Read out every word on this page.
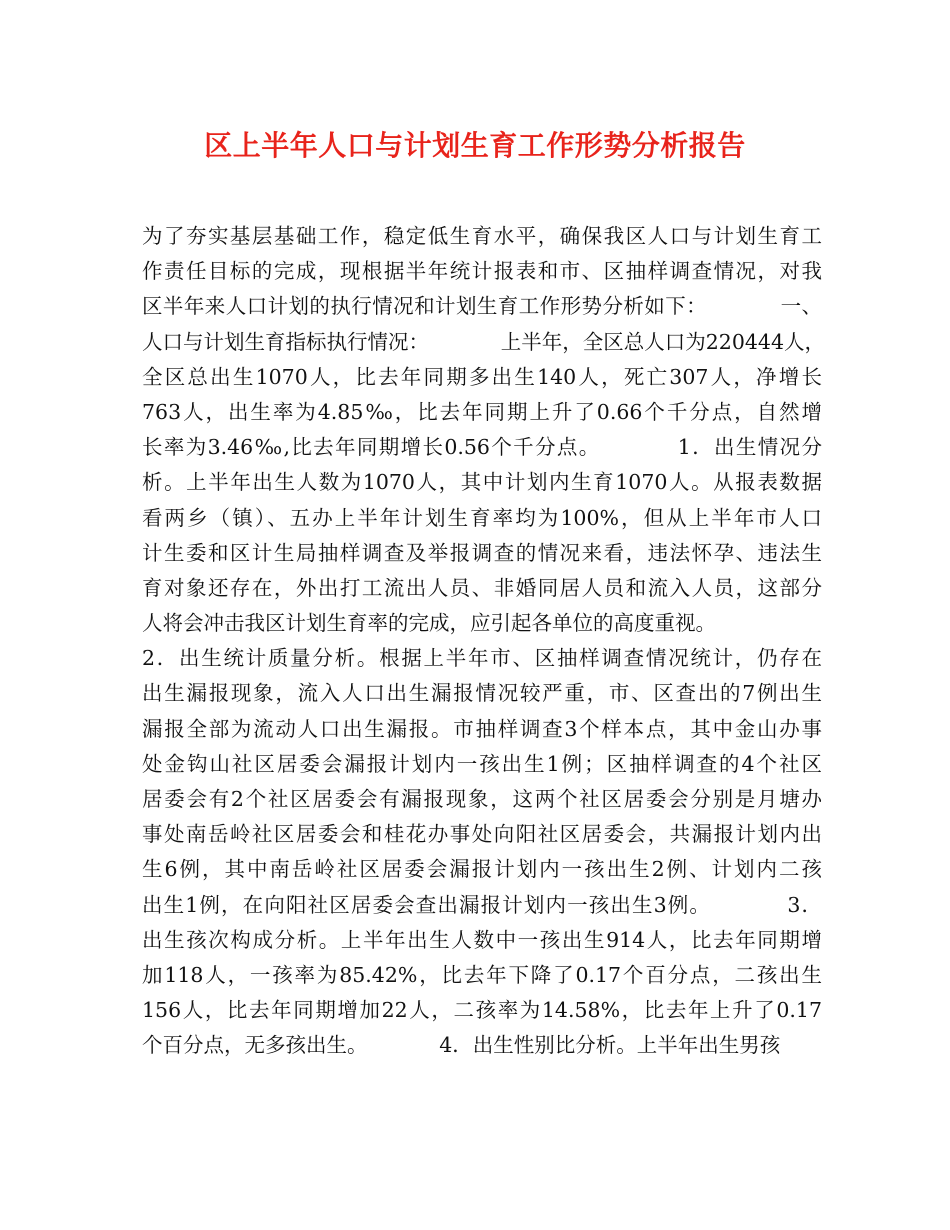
区上半年人口与计划生育工作形势分析报告
为了夯实基层基础工作，稳定低生育水平，确保我区人口与计划生育工
作责任目标的完成，现根据半年统计报表和市、区抽样调查情况，对我
区半年来人口计划的执行情况和计划生育工作形势分析如下：　　　　一、
人口与计划生育指标执行情况：　　　　上半年，全区总人口为220444人，
全区总出生1070人，比去年同期多出生140人，死亡307人，净增长
763人，出生率为4.85‰，比去年同期上升了0.66个千分点，自然增
长率为3.46‰,比去年同期增长0.56个千分点。　　　　1．出生情况分
析。上半年出生人数为1070人，其中计划内生育1070人。从报表数据
看两乡（镇）、五办上半年计划生育率均为100%，但从上半年市人口
计生委和区计生局抽样调查及举报调查的情况来看，违法怀孕、违法生
育对象还存在，外出打工流出人员、非婚同居人员和流入人员，这部分
人将会冲击我区计划生育率的完成，应引起各单位的高度重视。
2．出生统计质量分析。根据上半年市、区抽样调查情况统计，仍存在
出生漏报现象，流入人口出生漏报情况较严重，市、区查出的7例出生
漏报全部为流动人口出生漏报。市抽样调查3个样本点，其中金山办事
处金钩山社区居委会漏报计划内一孩出生1例；区抽样调查的4个社区
居委会有2个社区居委会有漏报现象，这两个社区居委会分别是月塘办
事处南岳岭社区居委会和桂花办事处向阳社区居委会，共漏报计划内出
生6例，其中南岳岭社区居委会漏报计划内一孩出生2例、计划内二孩
出生1例，在向阳社区居委会查出漏报计划内一孩出生3例。　　　　3．
出生孩次构成分析。上半年出生人数中一孩出生914人，比去年同期增
加118人，一孩率为85.42%，比去年下降了0.17个百分点，二孩出生
156人，比去年同期增加22人，二孩率为14.58%，比去年上升了0.17
个百分点，无多孩出生。　　　　4．出生性别比分析。上半年出生男孩
